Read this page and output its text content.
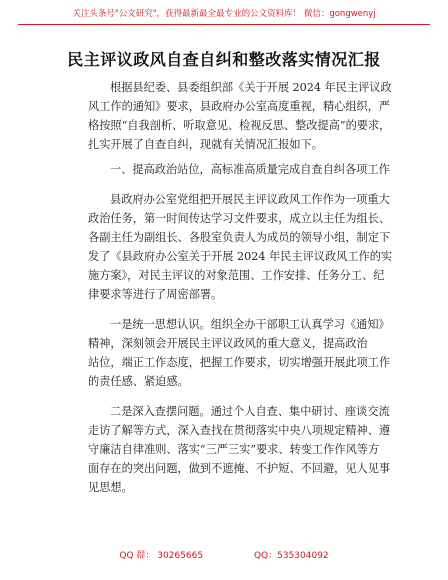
关注头条号"公文研究"，获得最新最全最专业的公文资料库！ 微信：gongwenyj
民主评议政风自查自纠和整改落实情况汇报

根据县纪委、县委组织部《关于开展 2024 年民主评议政
风工作的通知》要求，县政府办公室高度重视，精心组织，严
格按照“自我剖析、听取意见、检视反思、整改提高”的要求，
扎实开展了自查自纠，现就有关情况汇报如下。

一、提高政治站位，高标准高质量完成自查自纠各项工作

县政府办公室党组把开展民主评议政风工作作为一项重大
政治任务，第一时间传达学习文件要求，成立以主任为组长、
各副主任为副组长、各股室负责人为成员的领导小组，制定下
发了《县政府办公室关于开展 2024 年民主评议政风工作的实
施方案》，对民主评议的对象范围、工作安排、任务分工、纪
律要求等进行了周密部署。

一是统一思想认识。组织全办干部职工认真学习《通知》
精神，深刻领会开展民主评议政风的重大意义，提高政治
站位，端正工作态度，把握工作要求，切实增强开展此项工作
的责任感、紧迫感。

二是深入查摆问题。通过个人自查、集中研讨、座谈交流
走访了解等方式，深入查找在贯彻落实中央八项规定精神、遵
守廉洁自律准则、落实“三严三实”要求、转变工作作风等方
面存在的突出问题，做到不遮掩、不护短、不回避，见人见事
见思想。

QQ 群： 30265665	QQ：535304092
